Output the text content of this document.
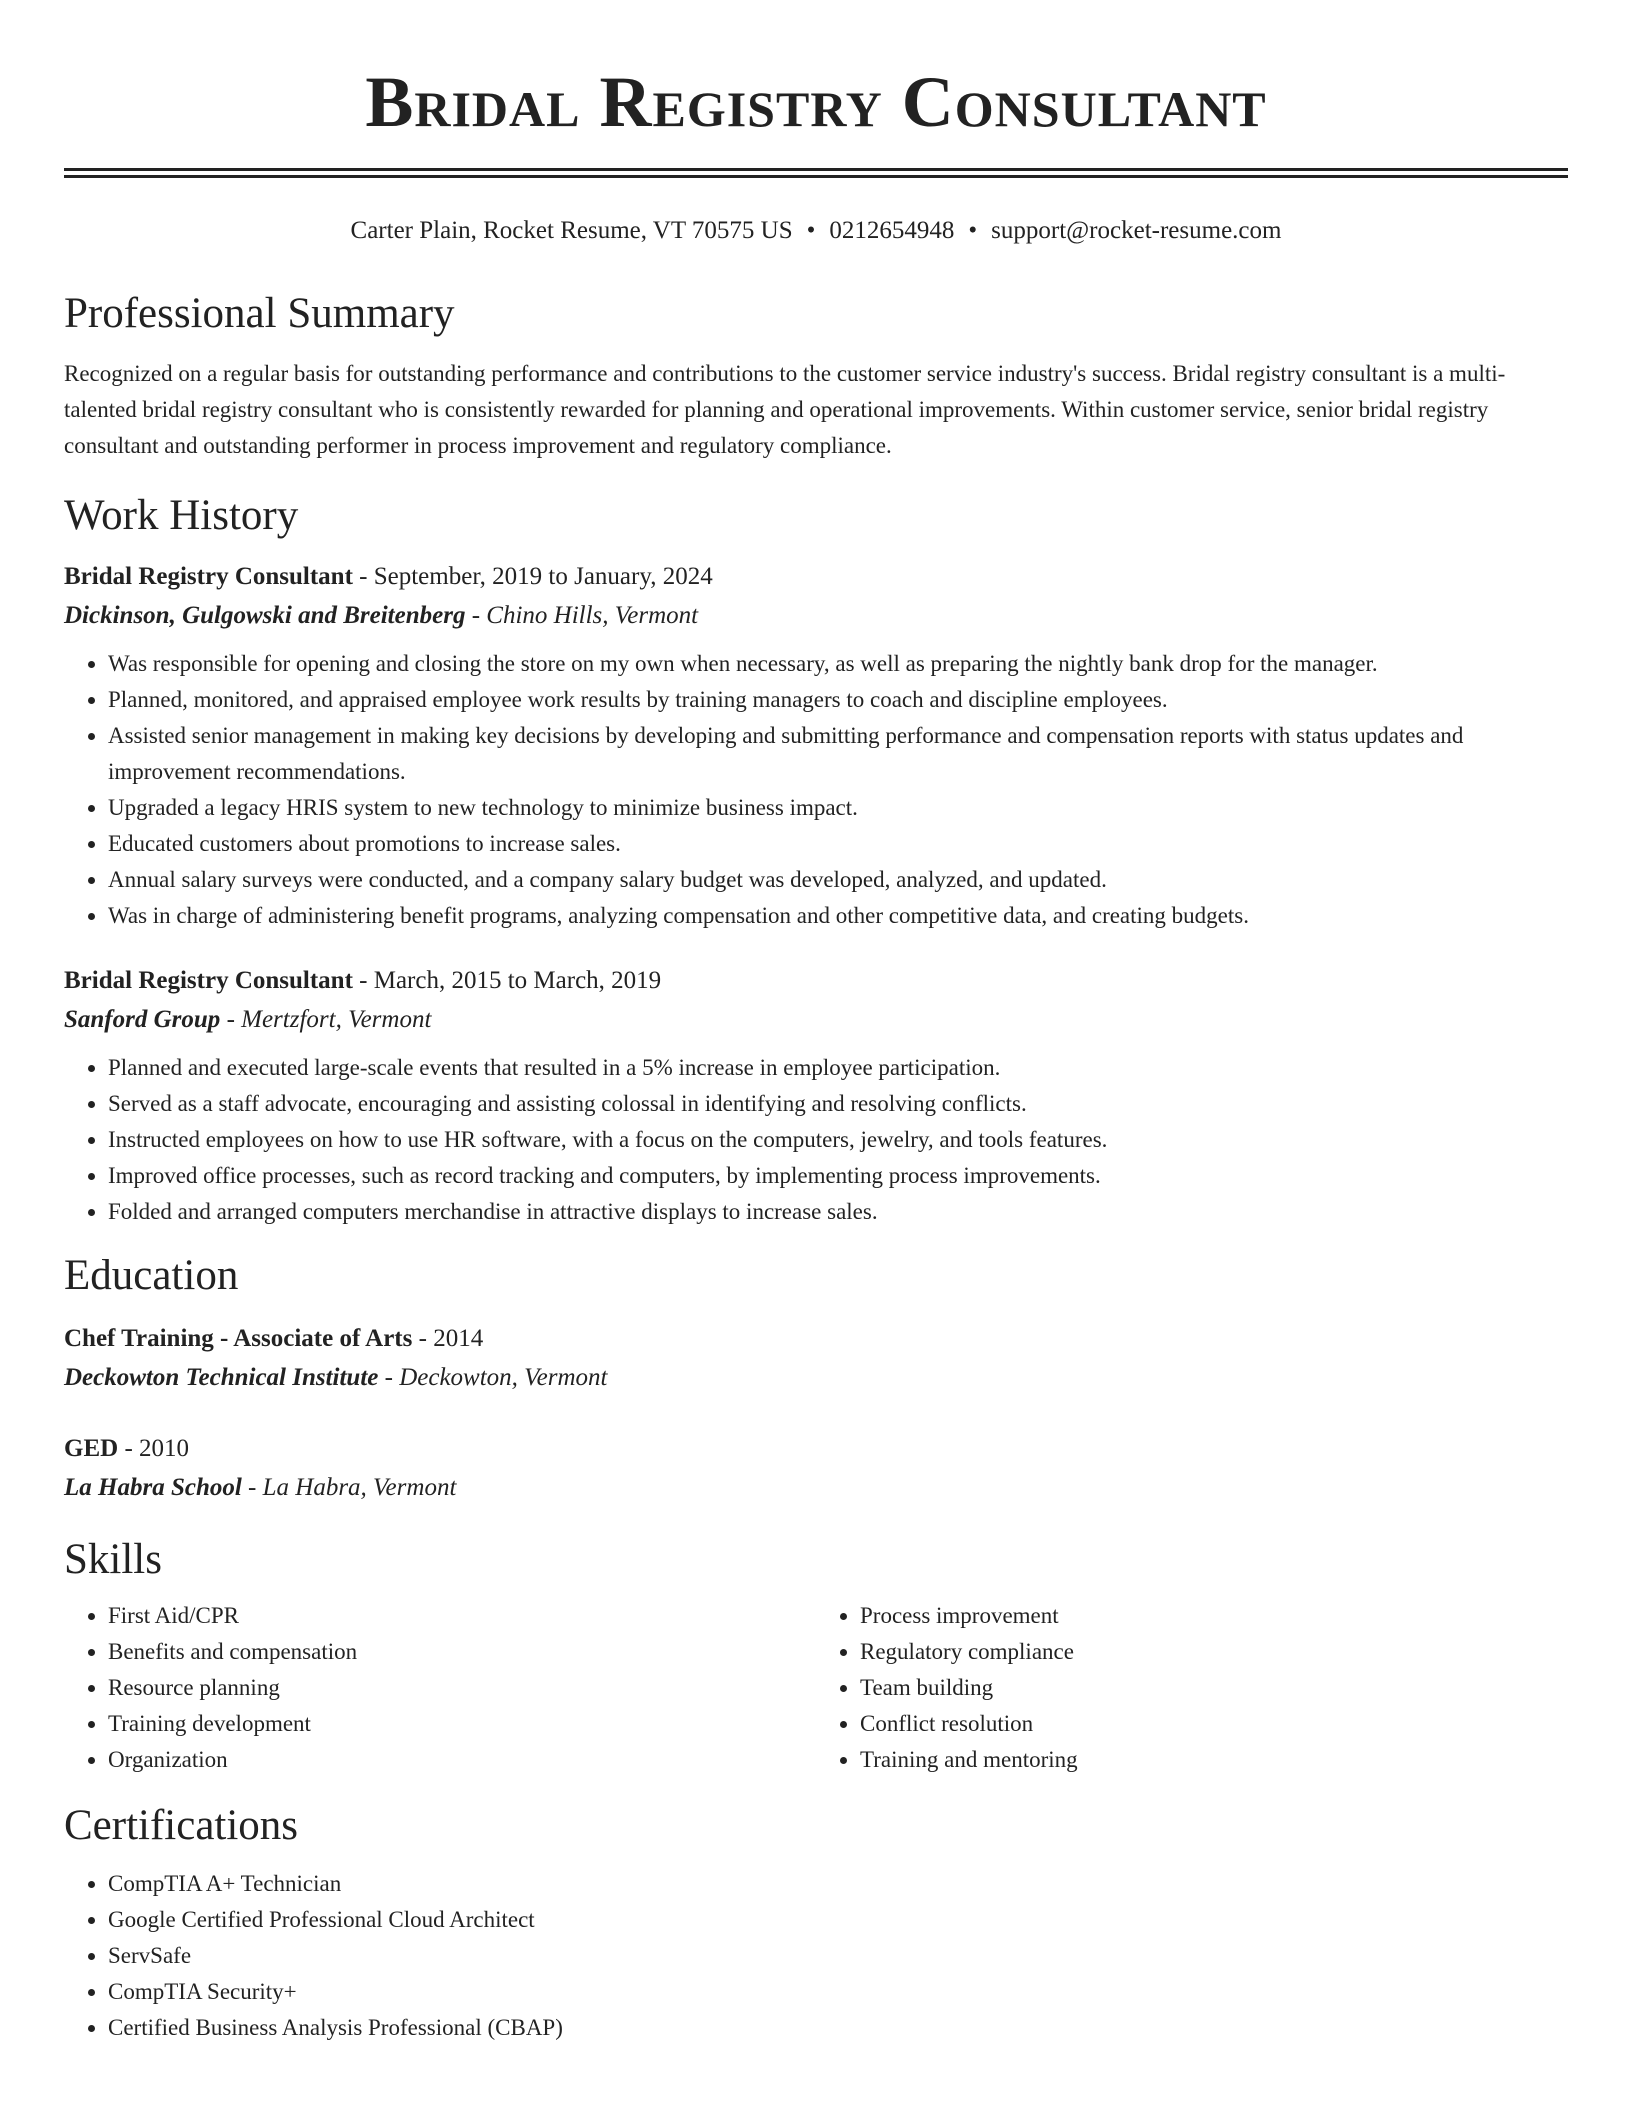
Bridal Registry Consultant
Carter Plain, Rocket Resume, VT 70575 US • 0212654948 • support@rocket-resume.com
Professional Summary
Recognized on a regular basis for outstanding performance and contributions to the customer service industry's success. Bridal registry consultant is a multi-talented bridal registry consultant who is consistently rewarded for planning and operational improvements. Within customer service, senior bridal registry consultant and outstanding performer in process improvement and regulatory compliance.
Work History
Bridal Registry Consultant - September, 2019 to January, 2024
Dickinson, Gulgowski and Breitenberg - Chino Hills, Vermont
• Was responsible for opening and closing the store on my own when necessary, as well as preparing the nightly bank drop for the manager.
• Planned, monitored, and appraised employee work results by training managers to coach and discipline employees.
• Assisted senior management in making key decisions by developing and submitting performance and compensation reports with status updates and improvement recommendations.
• Upgraded a legacy HRIS system to new technology to minimize business impact.
• Educated customers about promotions to increase sales.
• Annual salary surveys were conducted, and a company salary budget was developed, analyzed, and updated.
• Was in charge of administering benefit programs, analyzing compensation and other competitive data, and creating budgets.
Bridal Registry Consultant - March, 2015 to March, 2019
Sanford Group - Mertzfort, Vermont
• Planned and executed large-scale events that resulted in a 5% increase in employee participation.
• Served as a staff advocate, encouraging and assisting colossal in identifying and resolving conflicts.
• Instructed employees on how to use HR software, with a focus on the computers, jewelry, and tools features.
• Improved office processes, such as record tracking and computers, by implementing process improvements.
• Folded and arranged computers merchandise in attractive displays to increase sales.
Education
Chef Training - Associate of Arts - 2014
Deckowton Technical Institute - Deckowton, Vermont
GED - 2010
La Habra School - La Habra, Vermont
Skills
• First Aid/CPR
• Benefits and compensation
• Resource planning
• Training development
• Organization
• Process improvement
• Regulatory compliance
• Team building
• Conflict resolution
• Training and mentoring
Certifications
• CompTIA A+ Technician
• Google Certified Professional Cloud Architect
• ServSafe
• CompTIA Security+
• Certified Business Analysis Professional (CBAP)
